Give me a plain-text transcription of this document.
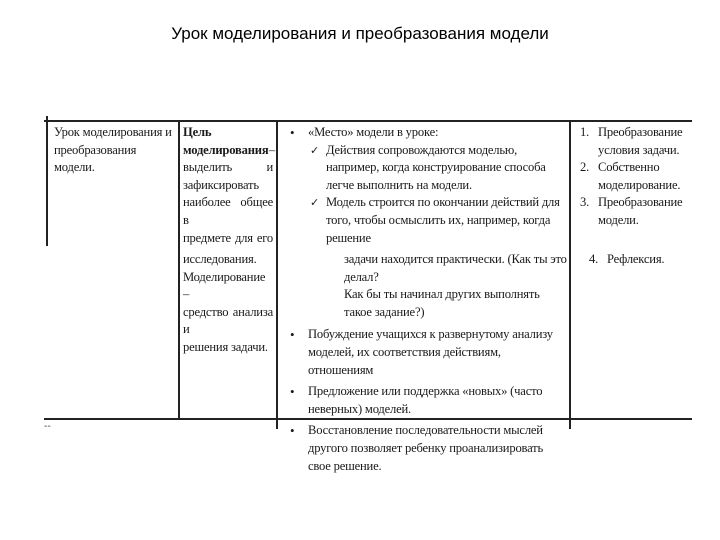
Урок моделирования и преобразования модели
Урок моделирования и преобразования модели.
Цель моделирования –
выделить и
зафиксировать
наиболее общее в
предмете для его
• «Место» модели в уроке:
✓ Действия сопровождаются моделью, например, когда конструирование способа легче выполнить на модели.
✓ Модель строится по окончании действий для того, чтобы осмыслить их, например, когда решение
1. Преобразование условия задачи.
2. Собственно моделирование.
3. Преобразование модели.
исследования.
Моделирование –
средство анализа и
решения задачи.
задачи находится практически. (Как ты это делал?
Как бы ты начинал других выполнять такое задание?)
• Побуждение учащихся к развернутому анализу моделей, их соответствия действиям, отношениям
• Предложение или поддержка «новых» (часто неверных) моделей.
• Восстановление последовательности мыслей другого позволяет ребенку проанализировать свое решение.
4. Рефлексия.
--
